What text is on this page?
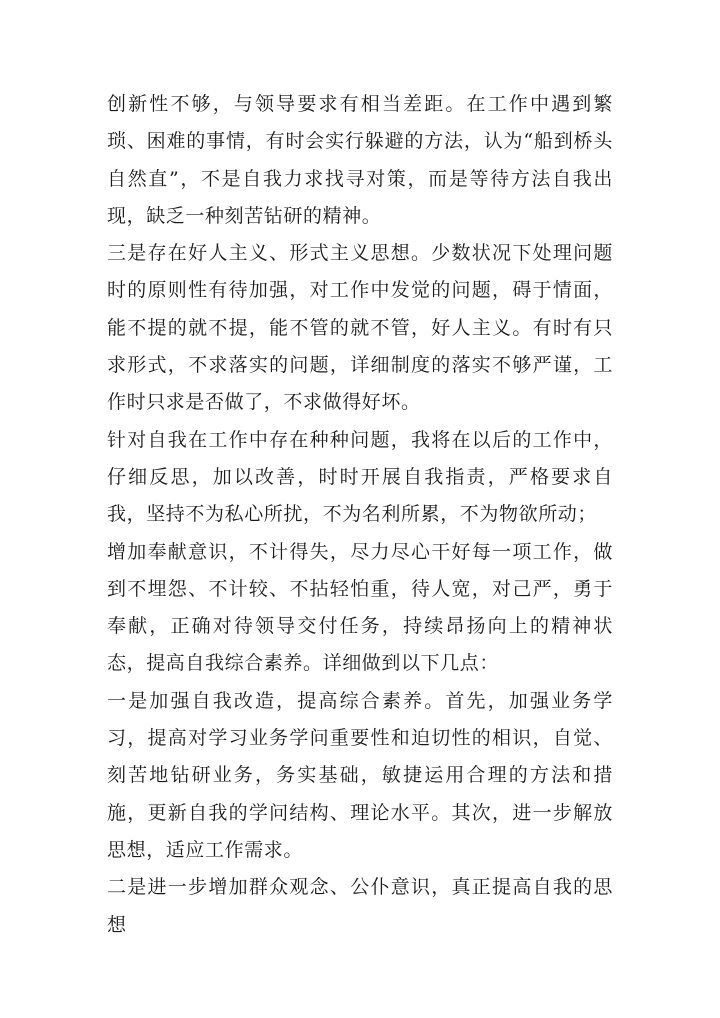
创新性不够，与领导要求有相当差距。在工作中遇到繁琐、困难的事情，有时会实行躲避的方法，认为“船到桥头自然直”，不是自我力求找寻对策，而是等待方法自我出现，缺乏一种刻苦钻研的精神。

三是存在好人主义、形式主义思想。少数状况下处理问题时的原则性有待加强，对工作中发觉的问题，碍于情面，能不提的就不提，能不管的就不管，好人主义。有时有只求形式，不求落实的问题，详细制度的落实不够严谨，工作时只求是否做了，不求做得好坏。

针对自我在工作中存在种种问题，我将在以后的工作中，仔细反思，加以改善，时时开展自我指责，严格要求自我，坚持不为私心所扰，不为名利所累，不为物欲所动；

增加奉献意识，不计得失，尽力尽心干好每一项工作，做到不埋怨、不计较、不拈轻怕重，待人宽，对己严，勇于奉献，正确对待领导交付任务，持续昂扬向上的精神状态，提高自我综合素养。详细做到以下几点：

一是加强自我改造，提高综合素养。首先，加强业务学习，提高对学习业务学问重要性和迫切性的相识，自觉、刻苦地钻研业务，务实基础，敏捷运用合理的方法和措施，更新自我的学问结构、理论水平。其次，进一步解放思想，适应工作需求。

二是进一步增加群众观念、公仆意识，真正提高自我的思想
